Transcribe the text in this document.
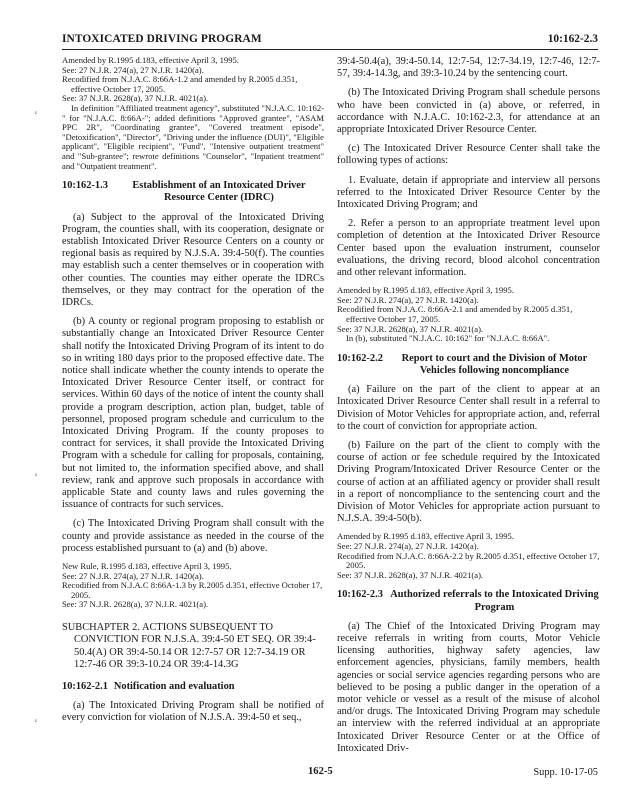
INTOXICATED DRIVING PROGRAM	10:162-2.3
‘
‘
‘

Amended by R.1995 d.183, effective April 3, 1995.

See: 27 N.J.R. 274(a), 27 N.J.R. 1420(a).

Recodified from N.J.A.C. 8:66A-1.2 and amended by R.2005 d.351, effective October 17, 2005.

See: 37 N.J.R. 2628(a), 37 N.J.R. 4021(a).

In definition "Affiliated treatment agency", substituted "N.J.A.C. 10:162-" for "N.J.A.C. 8:66A-"; added definitions "Approved grantee", "ASAM PPC 2R", "Coordinating grantee", "Covered treatment episode", "Detoxification", "Director", "Driving under the influence (DUI)", "Eligible applicant", "Eligible recipient", "Fund", "Intensive outpatient treatment" and "Sub-grantee"; rewrote definitions "Counselor", "Inpatient treatment" and "Outpatient treatment".

10:162-1.3	Establishment of an Intoxicated Driver Resource Center (IDRC)

(a) Subject to the approval of the Intoxicated Driving Program, the counties shall, with its cooperation, designate or establish Intoxicated Driver Resource Centers on a county or regional basis as required by N.J.S.A. 39:4-50(f). The counties may establish such a center themselves or in cooperation with other counties. The counties may either operate the IDRCs themselves, or they may contract for the operation of the IDRCs.

(b) A county or regional program proposing to establish or substantially change an Intoxicated Driver Resource Center shall notify the Intoxicated Driving Program of its intent to do so in writing 180 days prior to the proposed effective date. The notice shall indicate whether the county intends to operate the Intoxicated Driver Resource Center itself, or contract for services. Within 60 days of the notice of intent the county shall provide a program description, action plan, budget, table of personnel, proposed program schedule and curriculum to the Intoxicated Driving Program. If the county proposes to contract for services, it shall provide the Intoxicated Driving Program with a schedule for calling for proposals, containing, but not limited to, the information specified above, and shall review, rank and approve such proposals in accordance with applicable State and county laws and rules governing the issuance of contracts for such services.

(c) The Intoxicated Driving Program shall consult with the county and provide assistance as needed in the course of the process established pursuant to (a) and (b) above.

New Rule, R.1995 d.183, effective April 3, 1995.

See: 27 N.J.R. 274(a), 27 N.J.R. 1420(a).

Recodified from N.J.A.C 8:66A-1.3 by R.2005 d.351, effective October 17, 2005.

See: 37 N.J.R. 2628(a), 37 N.J.R. 4021(a).

SUBCHAPTER 2. ACTIONS SUBSEQUENT TO CONVICTION FOR N.J.S.A. 39:4-50 ET SEQ. OR 39:4-50.4(A) OR 39:4-50.14 OR 12:7-57 OR 12:7-34.19 OR 12:7-46 OR 39:3-10.24 OR 39:4-14.3G

10:162-2.1 Notification and evaluation

(a) The Intoxicated Driving Program shall be notified of every conviction for violation of N.J.S.A. 39:4-50 et seq.,

39:4-50.4(a), 39:4-50.14, 12:7-54, 12:7-34.19, 12:7-46, 12:7-57, 39:4-14.3g, and 39:3-10.24 by the sentencing court.

(b) The Intoxicated Driving Program shall schedule persons who have been convicted in (a) above, or referred, in accordance with N.J.A.C. 10:162-2.3, for attendance at an appropriate Intoxicated Driver Resource Center.

(c) The Intoxicated Driver Resource Center shall take the following types of actions:

1. Evaluate, detain if appropriate and interview all persons referred to the Intoxicated Driver Resource Center by the Intoxicated Driving Program; and

2. Refer a person to an appropriate treatment level upon completion of detention at the Intoxicated Driver Resource Center based upon the evaluation instrument, counselor evaluations, the driving record, blood alcohol concentration and other relevant information.

Amended by R.1995 d.183, effective April 3, 1995.

See: 27 N.J.R. 274(a), 27 N.J.R. 1420(a).

Recodified from N.J.A.C. 8:66A-2.1 and amended by R.2005 d.351, effective October 17, 2005.

See: 37 N.J.R. 2628(a), 37 N.J.R. 4021(a).

In (b), substituted "N.J.A.C. 10:162" for "N.J.A.C. 8:66A".

10:162-2.2	Report to court and the Division of Motor Vehicles following noncompliance

(a) Failure on the part of the client to appear at an Intoxicated Driver Resource Center shall result in a referral to Division of Motor Vehicles for appropriate action, and, referral to the court of conviction for appropriate action.

(b) Failure on the part of the client to comply with the course of action or fee schedule required by the Intoxicated Driving Program/Intoxicated Driver Resource Center or the course of action at an affiliated agency or provider shall result in a report of noncompliance to the sentencing court and the Division of Motor Vehicles for appropriate action pursuant to N.J.S.A. 39:4-50(b).

Amended by R.1995 d.183, effective April 3, 1995.

See: 27 N.J.R. 274(a), 27 N.J.R. 1420(a).

Recodified from N.J.A.C. 8:66A-2.2 by R.2005 d.351, effective October 17, 2005.

See: 37 N.J.R. 2628(a), 37 N.J.R. 4021(a).

10:162-2.3 Authorized referrals to the Intoxicated Driving Program

(a) The Chief of the Intoxicated Driving Program may receive referrals in writing from courts, Motor Vehicle licensing authorities, highway safety agencies, law enforcement agencies, physicians, family members, health agencies or social service agencies regarding persons who are believed to be posing a public danger in the operation of a motor vehicle or vessel as a result of the misuse of alcohol and/or drugs. The Intoxicated Driving Program may schedule an interview with the referred individual at an appropriate Intoxicated Driver Resource Center or at the Office of Intoxicated Driv-

162-5	Supp. 10-17-05
